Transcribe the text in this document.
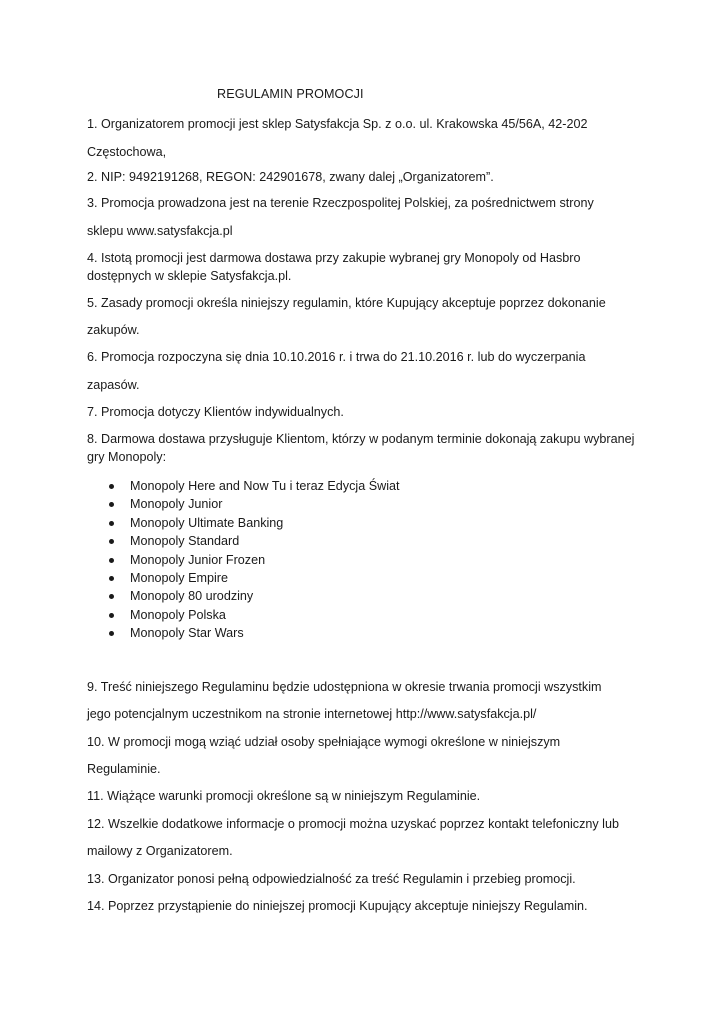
REGULAMIN PROMOCJI
1. Organizatorem promocji jest sklep Satysfakcja Sp. z o.o. ul. Krakowska 45/56A, 42-202
Częstochowa,
2. NIP: 9492191268, REGON: 242901678, zwany dalej „Organizatorem”.
3. Promocja prowadzona jest na terenie Rzeczpospolitej Polskiej, za pośrednictwem strony
sklepu www.satysfakcja.pl
4. Istotą promocji jest darmowa dostawa przy zakupie wybranej gry Monopoly od Hasbro
dostępnych w sklepie Satysfakcja.pl.
5. Zasady promocji określa niniejszy regulamin, które Kupujący akceptuje poprzez dokonanie
zakupów.
6. Promocja rozpoczyna się dnia 10.10.2016 r. i trwa do 21.10.2016 r. lub do wyczerpania
zapasów.
7. Promocja dotyczy Klientów indywidualnych.
8. Darmowa dostawa przysługuje Klientom, którzy w podanym terminie dokonają zakupu wybranej
gry Monopoly:
Monopoly Here and Now Tu i teraz Edycja Świat
Monopoly Junior
Monopoly Ultimate Banking
Monopoly Standard
Monopoly Junior Frozen
Monopoly Empire
Monopoly 80 urodziny
Monopoly Polska
Monopoly Star Wars
9. Treść niniejszego Regulaminu będzie udostępniona w okresie trwania promocji wszystkim
jego potencjalnym uczestnikom na stronie internetowej http://www.satysfakcja.pl/
10. W promocji mogą wziąć udział osoby spełniające wymogi określone w niniejszym
Regulaminie.
11. Wiążące warunki promocji określone są w niniejszym Regulaminie.
12. Wszelkie dodatkowe informacje o promocji można uzyskać poprzez kontakt telefoniczny lub
mailowy z Organizatorem.
13. Organizator ponosi pełną odpowiedzialność za treść Regulamin i przebieg promocji.
14. Poprzez przystąpienie do niniejszej promocji Kupujący akceptuje niniejszy Regulamin.
